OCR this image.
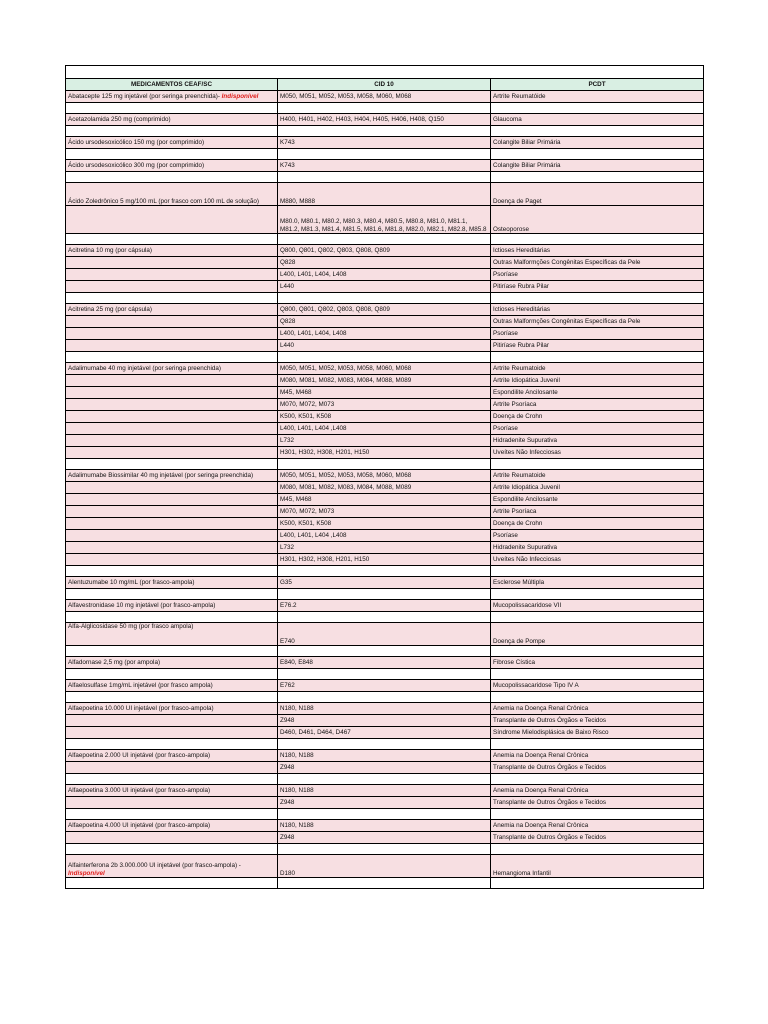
MEDICAMENTOS CEAF/SC	CID 10	PCDT
Abatacepte 125 mg injetável (por seringa preenchida)- Indisponível	M050, M051, M052, M053, M058, M060, M068	Artrite Reumatóide

Acetazolamida 250 mg (comprimido)	H400, H401, H402, H403, H404, H405, H406, H408, Q150	Glaucoma

Ácido ursodesoxicólico 150 mg (por comprimido)	K743	Colangite Biliar Primária

Ácido ursodesoxicólico 300 mg (por comprimido)	K743	Colangite Biliar Primária

Ácido Zoledrônico 5 mg/100 mL (por frasco com 100 mL de solução)	M880, M888	Doença de Paget
	M80.0, M80.1, M80.2, M80.3, M80.4, M80.5, M80.8, M81.0, M81.1, M81.2, M81.3, M81.4, M81.5, M81.6, M81.8, M82.0, M82.1, M82.8, M85.8	Osteoporose

Acitretina 10 mg (por cápsula)	Q800, Q801, Q802, Q803, Q808, Q809	Ictioses Hereditárias
	Q828	Outras Malformções Congênitas Específicas da Pele
	L400, L401, L404, L408	Psoríase
	L440	Pitiríase Rubra Pilar

Acitretina 25 mg (por cápsula)	Q800, Q801, Q802, Q803, Q808, Q809	Ictioses Hereditárias
	Q828	Outras Malformções Congênitas Específicas da Pele
	L400, L401, L404, L408	Psoríase
	L440	Pitiríase Rubra Pilar

Adalimumabe 40 mg injetável (por seringa preenchida)	M050, M051, M052, M053, M058, M060, M068	Artrite Reumatoide
	M080, M081, M082, M083, M084, M088, M089	Artrite Idiopática Juvenil
	M45, M468	Espondilite Ancilosante
	M070, M072, M073	Artrite Psoríaca
	K500, K501, K508	Doença de Crohn
	L400, L401, L404 ,L408	Psoríase
	L732	Hidradenite Supurativa
	H301, H302, H308, H201, H150	Uveítes Não Infecciosas

Adalimumabe Biossimilar 40 mg injetável (por seringa preenchida)	M050, M051, M052, M053, M058, M060, M068	Artrite Reumatoide
	M080, M081, M082, M083, M084, M088, M089	Artrite Idiopática Juvenil
	M45, M468	Espondilite Ancilosante
	M070, M072, M073	Artrite Psoríaca
	K500, K501, K508	Doença de Crohn
	L400, L401, L404 ,L408	Psoríase
	L732	Hidradenite Supurativa
	H301, H302, H308, H201, H150	Uveítes Não Infecciosas

Alentuzumabe 10 mg/mL (por frasco-ampola)	G35	Esclerose Múltipla

Alfavestronidase 10 mg injetável (por frasco-ampola)	E76.2	Mucopolissacaridose VII

Alfa-Alglicosidase 50 mg (por frasco ampola)	E740	Doença de Pompe

Alfadornase 2,5 mg (por ampola)	E840, E848	Fibrose Cística

Alfaelosulfase 1mg/mL injetável (por frasco ampola)	E762	Mucopolissacaridose Tipo IV A

Alfaepoetina 10.000 UI injetável (por frasco-ampola)	N180, N188	Anemia na Doença Renal Crônica
	Z948	Transplante de Outros Órgãos e Tecidos
	D460, D461, D464, D467	Síndrome Mielodisplásica de Baixo Risco

Alfaepoetina 2.000 UI injetável (por frasco-ampola)	N180, N188	Anemia na Doença Renal Crônica
	Z948	Transplante de Outros Órgãos e Tecidos

Alfaepoetina 3.000 UI injetável (por frasco-ampola)	N180, N188	Anemia na Doença Renal Crônica
	Z948	Transplante de Outros Órgãos e Tecidos

Alfaepoetina 4.000 UI injetável (por frasco-ampola)	N180, N188	Anemia na Doença Renal Crônica
	Z948	Transplante de Outros Órgãos e Tecidos

Alfainterferona 2b 3.000.000 UI injetável (por frasco-ampola) - Indisponível	D180	Hemangioma Infantil
